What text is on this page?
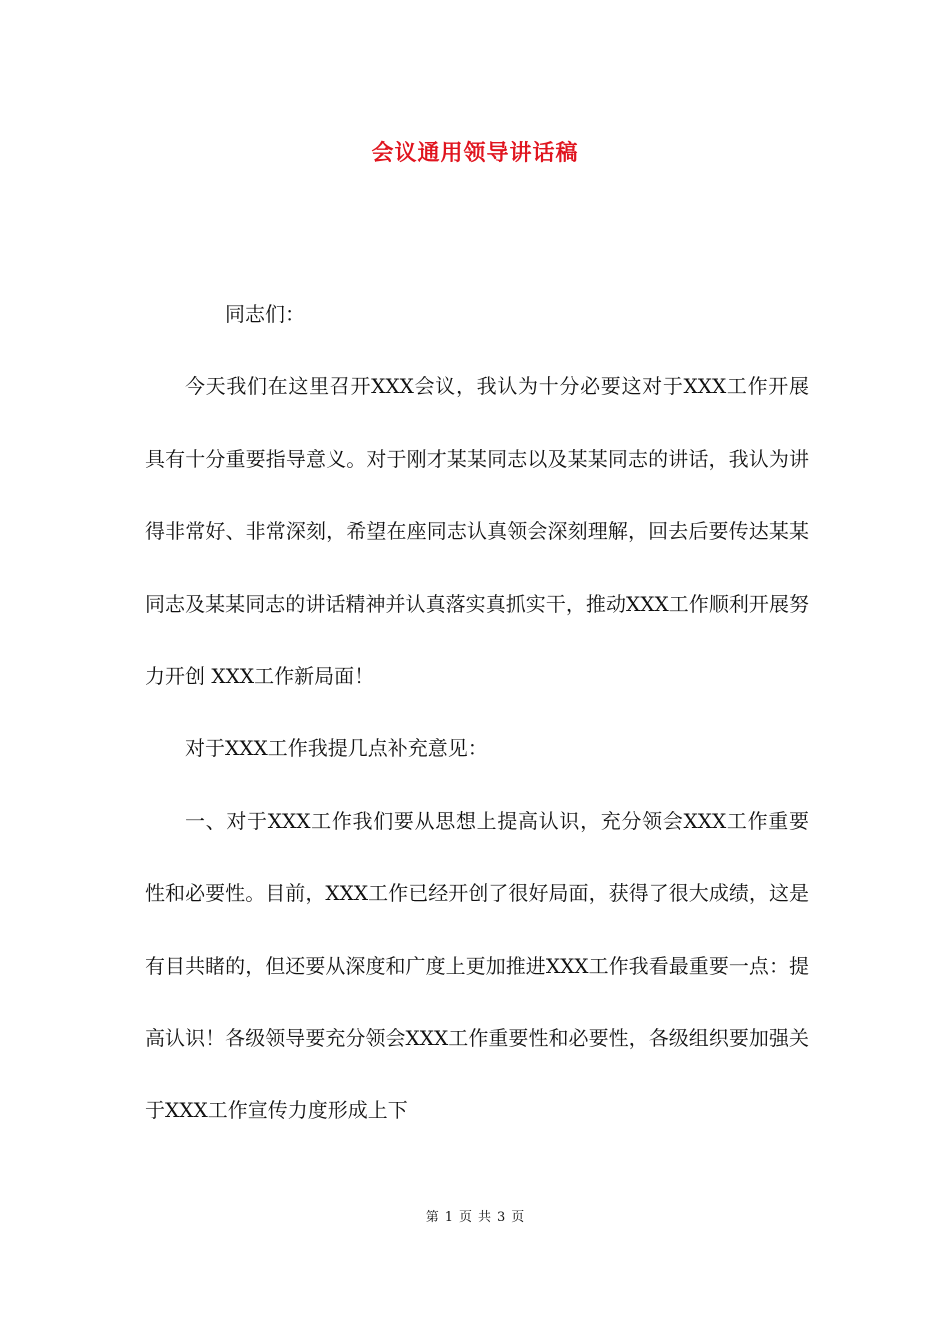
会议通用领导讲话稿

同志们：

今天我们在这里召开XXX会议，我认为十分必要这对于XXX工作开展具有十分重要指导意义。对于刚才某某同志以及某某同志的讲话，我认为讲得非常好、非常深刻，希望在座同志认真领会深刻理解，回去后要传达某某同志及某某同志的讲话精神并认真落实真抓实干，推动XXX工作顺利开展努力开创 XXX工作新局面！

对于XXX工作我提几点补充意见：

一、对于XXX工作我们要从思想上提高认识，充分领会XXX工作重要性和必要性。目前，XXX工作已经开创了很好局面，获得了很大成绩，这是有目共睹的，但还要从深度和广度上更加推进XXX工作我看最重要一点：提高认识！各级领导要充分领会XXX工作重要性和必要性，各级组织要加强关于XXX工作宣传力度形成上下

第 1 页 共 3 页
